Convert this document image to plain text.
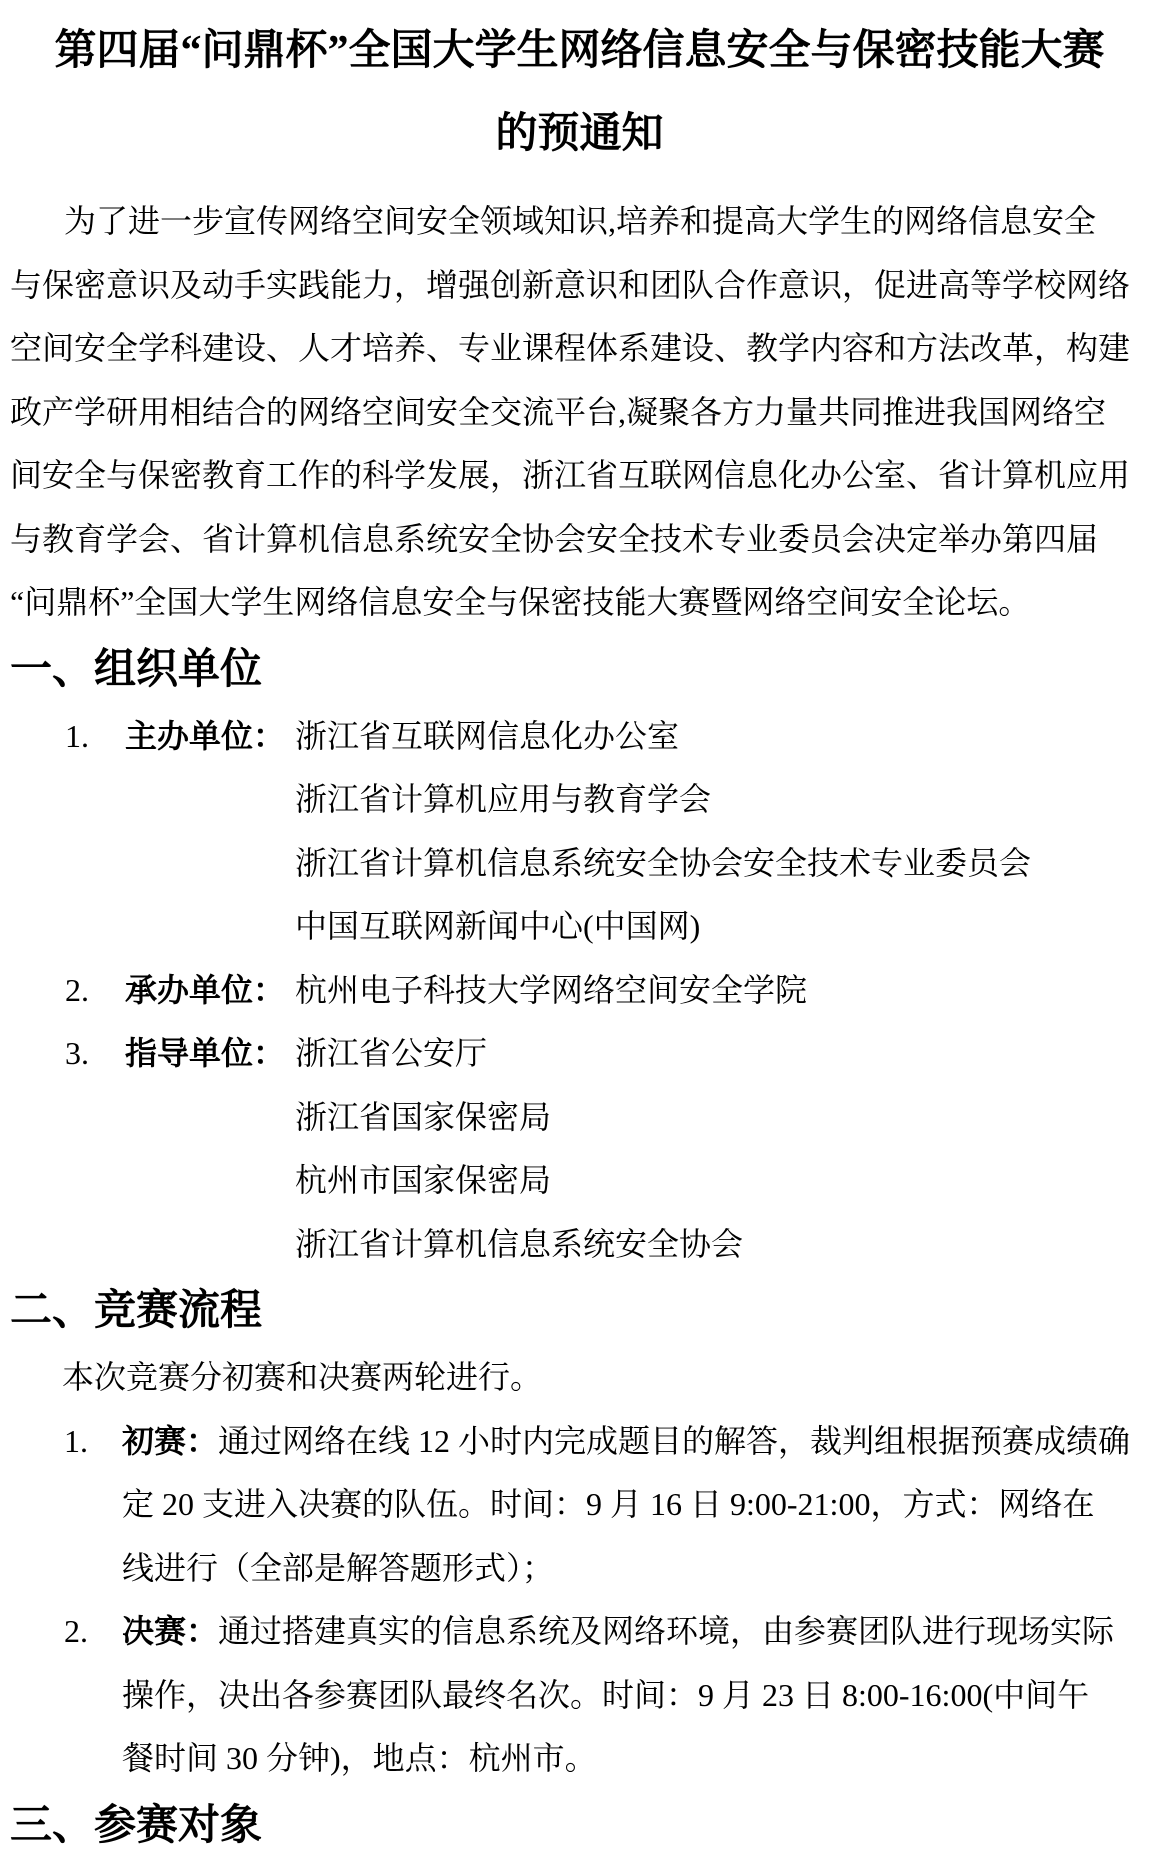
第四届“问鼎杯”全国大学生网络信息安全与保密技能大赛
的预通知
为了进一步宣传网络空间安全领域知识,培养和提高大学生的网络信息安全
与保密意识及动手实践能力，增强创新意识和团队合作意识，促进高等学校网络
空间安全学科建设、人才培养、专业课程体系建设、教学内容和方法改革，构建
政产学研用相结合的网络空间安全交流平台,凝聚各方力量共同推进我国网络空
间安全与保密教育工作的科学发展，浙江省互联网信息化办公室、省计算机应用
与教育学会、省计算机信息系统安全协会安全技术专业委员会决定举办第四届
“问鼎杯”全国大学生网络信息安全与保密技能大赛暨网络空间安全论坛。
一、组织单位
1. 主办单位： 浙江省互联网信息化办公室
浙江省计算机应用与教育学会
浙江省计算机信息系统安全协会安全技术专业委员会
中国互联网新闻中心(中国网)
2. 承办单位： 杭州电子科技大学网络空间安全学院
3. 指导单位： 浙江省公安厅
浙江省国家保密局
杭州市国家保密局
浙江省计算机信息系统安全协会
二、竞赛流程
本次竞赛分初赛和决赛两轮进行。
1. 初赛：通过网络在线 12 小时内完成题目的解答，裁判组根据预赛成绩确
定 20 支进入决赛的队伍。时间：9 月 16 日 9:00-21:00，方式：网络在
线进行（全部是解答题形式）；
2. 决赛：通过搭建真实的信息系统及网络环境，由参赛团队进行现场实际
操作，决出各参赛团队最终名次。时间：9 月 23 日 8:00-16:00(中间午
餐时间 30 分钟)，地点：杭州市。
三、参赛对象
